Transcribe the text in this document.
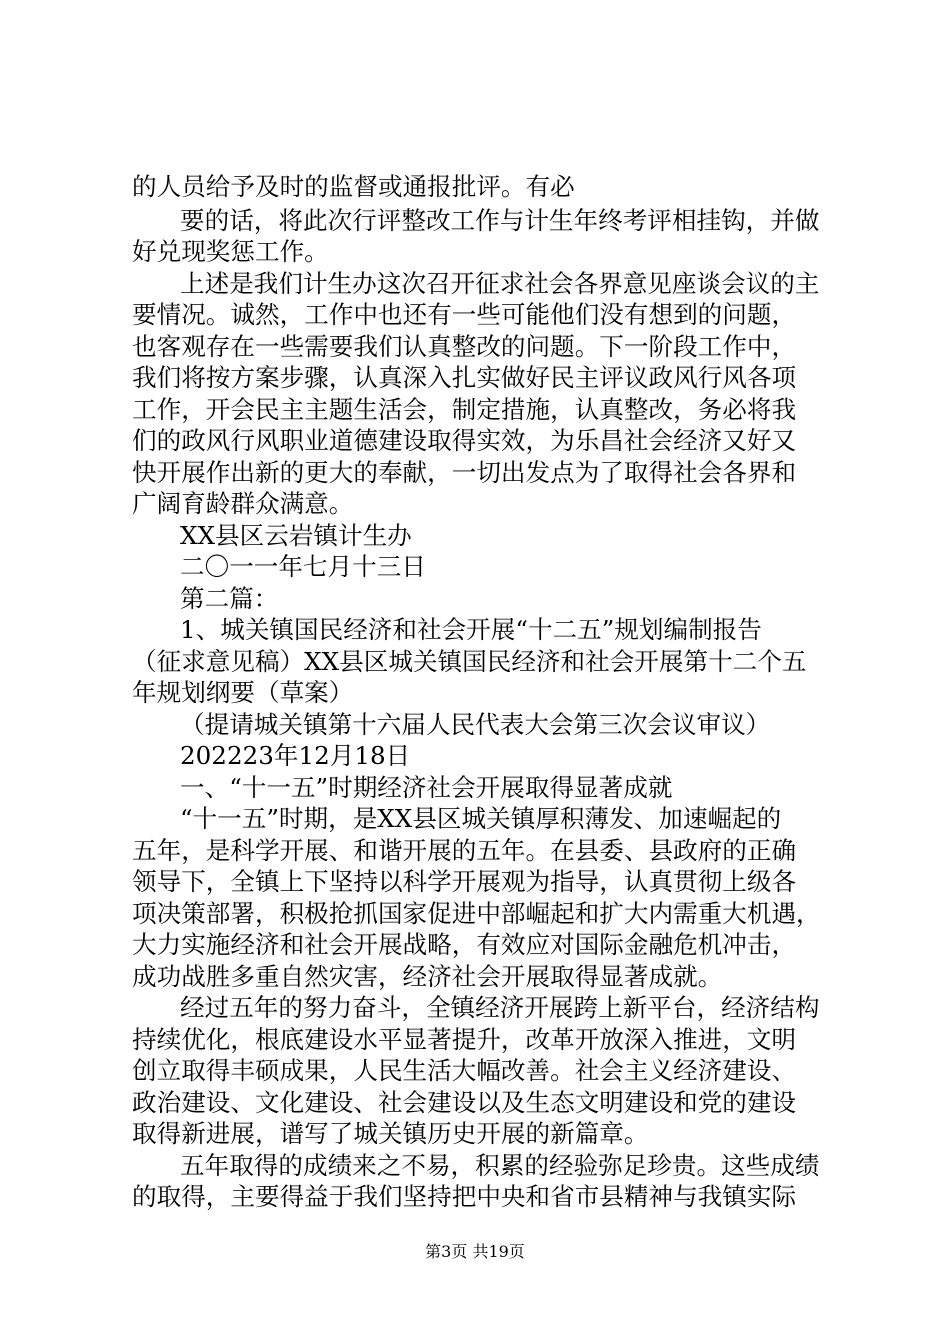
的人员给予及时的监督或通报批评。有必
要的话，将此次行评整改工作与计生年终考评相挂钩，并做
好兑现奖惩工作。
上述是我们计生办这次召开征求社会各界意见座谈会议的主
要情况。诚然，工作中也还有一些可能他们没有想到的问题，
也客观存在一些需要我们认真整改的问题。下一阶段工作中，
我们将按方案步骤，认真深入扎实做好民主评议政风行风各项
工作，开会民主主题生活会，制定措施，认真整改，务必将我
们的政风行风职业道德建设取得实效，为乐昌社会经济又好又
快开展作出新的更大的奉献，一切出发点为了取得社会各界和
广阔育龄群众满意。
XX县区云岩镇计生办
二〇一一年七月十三日
第二篇：
1、城关镇国民经济和社会开展“十二五”规划编制报告
（征求意见稿）XX县区城关镇国民经济和社会开展第十二个五
年规划纲要（草案）
（提请城关镇第十六届人民代表大会第三次会议审议）
202223年12月18日
一、“十一五”时期经济社会开展取得显著成就
“十一五”时期，是XX县区城关镇厚积薄发、加速崛起的
五年，是科学开展、和谐开展的五年。在县委、县政府的正确
领导下，全镇上下坚持以科学开展观为指导，认真贯彻上级各
项决策部署，积极抢抓国家促进中部崛起和扩大内需重大机遇，
大力实施经济和社会开展战略，有效应对国际金融危机冲击，
成功战胜多重自然灾害，经济社会开展取得显著成就。
经过五年的努力奋斗，全镇经济开展跨上新平台，经济结构
持续优化，根底建设水平显著提升，改革开放深入推进，文明
创立取得丰硕成果，人民生活大幅改善。社会主义经济建设、
政治建设、文化建设、社会建设以及生态文明建设和党的建设
取得新进展，谱写了城关镇历史开展的新篇章。
五年取得的成绩来之不易，积累的经验弥足珍贵。这些成绩
的取得，主要得益于我们坚持把中央和省市县精神与我镇实际
第3页 共19页
